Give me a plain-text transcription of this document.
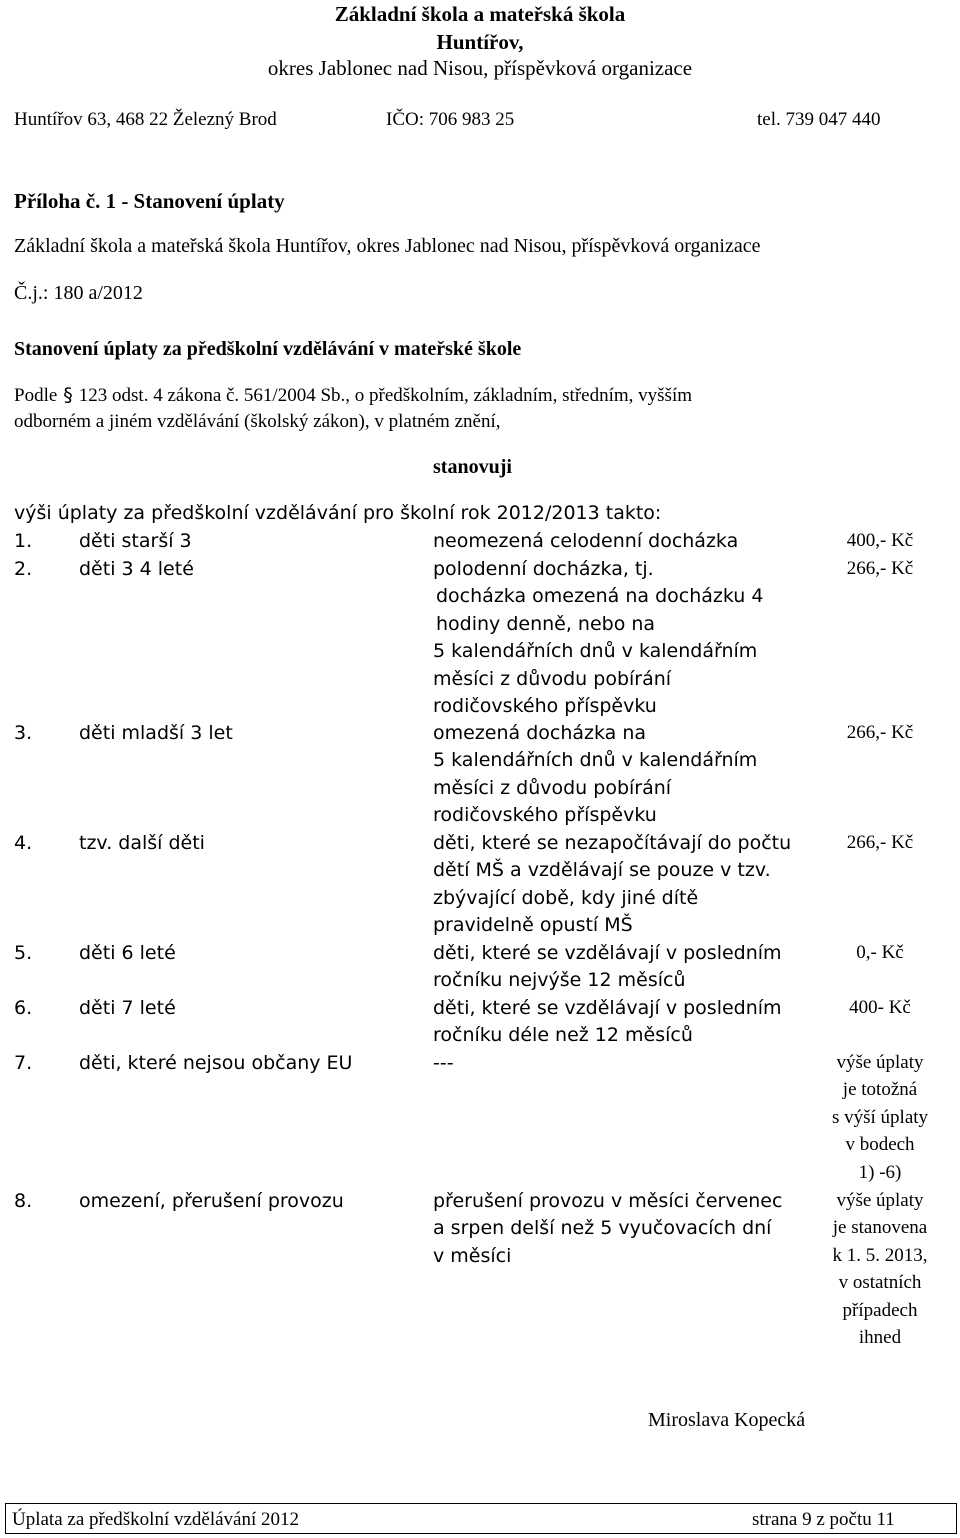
Základní škola a mateřská škola
Huntířov,
okres Jablonec nad Nisou, příspěvková organizace
Huntířov 63, 468 22 Železný Brod	IČO: 706 983 25	tel. 739 047 440
Příloha č. 1 - Stanovení úplaty
Základní škola a mateřská škola Huntířov, okres Jablonec nad Nisou, příspěvková organizace
Č.j.: 180 a/2012
Stanovení úplaty za předškolní vzdělávání v mateřské škole
Podle § 123 odst. 4 zákona č. 561/2004 Sb., o předškolním, základním, středním, vyšším
odborném a jiném vzdělávání (školský zákon), v platném znění,
stanovuji
výši úplaty za předškolní vzdělávání pro školní rok 2012/2013 takto:
1. děti starší 3	neomezená celodenní docházka	400,- Kč
2. děti 3 4 leté	polodenní docházka, tj.
docházka omezená na docházku 4
hodiny denně, nebo na
5 kalendářních dnů v kalendářním
měsíci z důvodu pobírání
rodičovského příspěvku
266,- Kč
3. děti mladší 3 let	omezená docházka na
5 kalendářních dnů v kalendářním
měsíci z důvodu pobírání
rodičovského příspěvku
266,- Kč
4. tzv. další děti	děti, které se nezapočítávají do počtu
dětí MŠ a vzdělávají se pouze v tzv.
zbývající době, kdy jiné dítě
pravidelně opustí MŠ
266,- Kč
5. děti 6 leté	děti, které se vzdělávají v posledním
ročníku nejvýše 12 měsíců
0,- Kč
6. děti 7 leté	děti, které se vzdělávají v posledním
ročníku déle než 12 měsíců
400- Kč
7. děti, které nejsou občany EU	---	výše úplaty
je totožná
s výší úplaty
v bodech
1) -6)
8. omezení, přerušení provozu	přerušení provozu v měsíci červenec
a srpen delší než 5 vyučovacích dní
v měsíci
výše úplaty
je stanovena
k 1. 5. 2013,
v ostatních
případech
ihned
Miroslava Kopecká
Úplata za předškolní vzdělávání 2012	strana 9 z počtu 11
